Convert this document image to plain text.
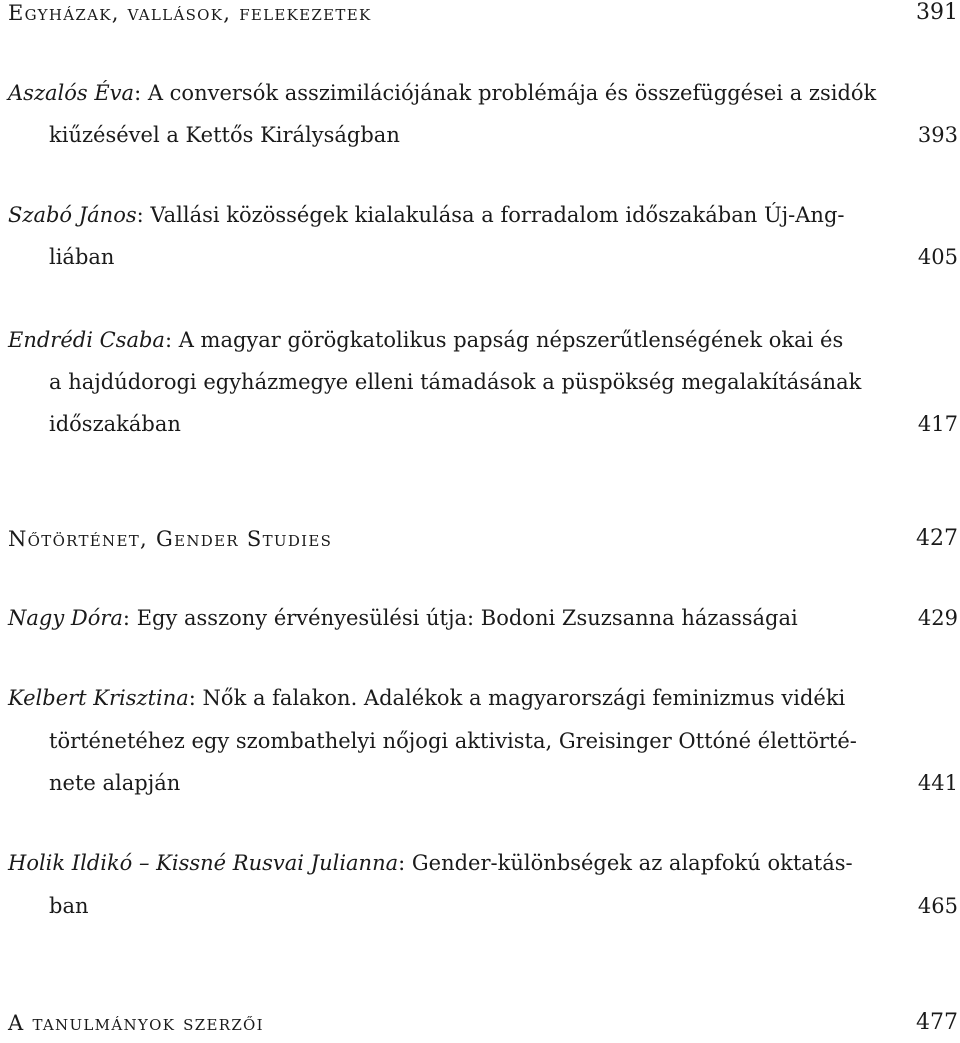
Egyházak, vallások, felekezetek	391
Aszalós Éva: A conversók asszimilációjának problémája és összefüggései a zsidók
kiűzésével a Kettős Királyságban	393
Szabó János: Vallási közösségek kialakulása a forradalom időszakában Új-Ang-
liában	405
Endrédi Csaba: A magyar görögkatolikus papság népszerűtlenségének okai és
a hajdúdorogi egyházmegye elleni támadások a püspökség megalakításának
időszakában	417
Nőtörténet, Gender Studies	427
Nagy Dóra: Egy asszony érvényesülési útja: Bodoni Zsuzsanna házasságai	429
Kelbert Krisztina: Nők a falakon. Adalékok a magyarországi feminizmus vidéki
történetéhez egy szombathelyi nőjogi aktivista, Greisinger Ottóné élettörté-
nete alapján	441
Holik Ildikó – Kissné Rusvai Julianna: Gender-különbségek az alapfokú oktatás-
ban	465
A tanulmányok szerzői	477
